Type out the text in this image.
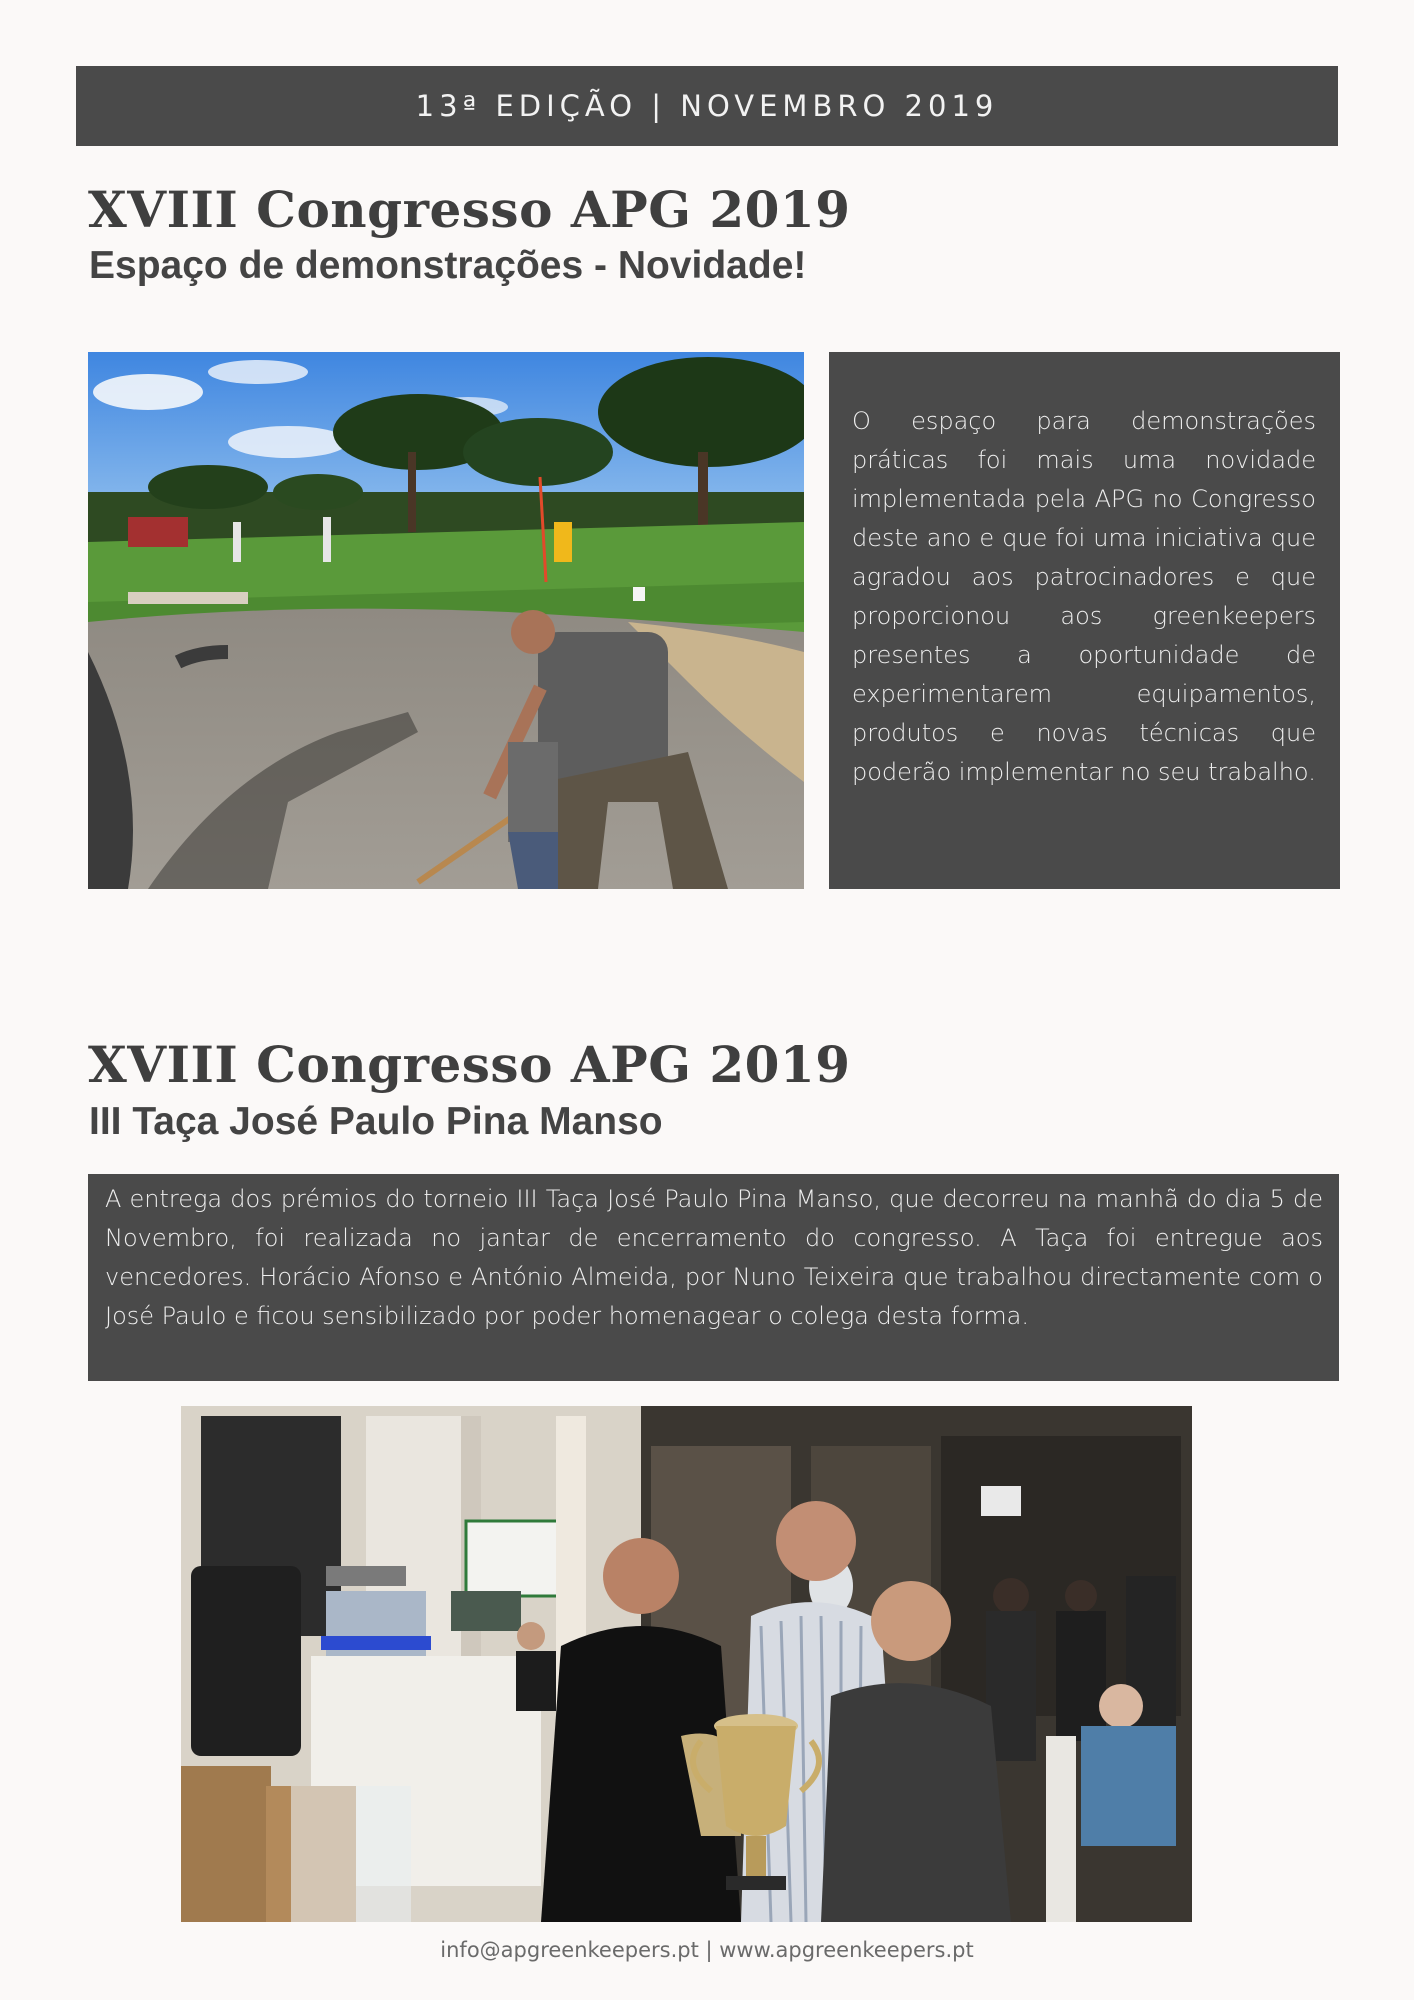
13ª EDIÇÃO | NOVEMBRO 2019
XVIII Congresso APG 2019
Espaço de demonstrações - Novidade!

O espaço para demonstrações práticas foi mais uma novidade implementada pela APG no Congresso deste ano e que foi uma iniciativa que agradou aos patrocinadores e que proporcionou aos greenkeepers presentes a oportunidade de experimentarem equipamentos, produtos e novas técnicas que poderão implementar no seu trabalho.

XVIII Congresso APG 2019
III Taça José Paulo Pina Manso

A entrega dos prémios do torneio III Taça José Paulo Pina Manso, que decorreu na manhã do dia 5 de Novembro, foi realizada no jantar de encerramento do congresso. A Taça foi entregue aos vencedores. Horácio Afonso e António Almeida, por Nuno Teixeira que trabalhou directamente com o José Paulo e ficou sensibilizado por poder homenagear o colega desta forma.

info@apgreenkeepers.pt | www.apgreenkeepers.pt
